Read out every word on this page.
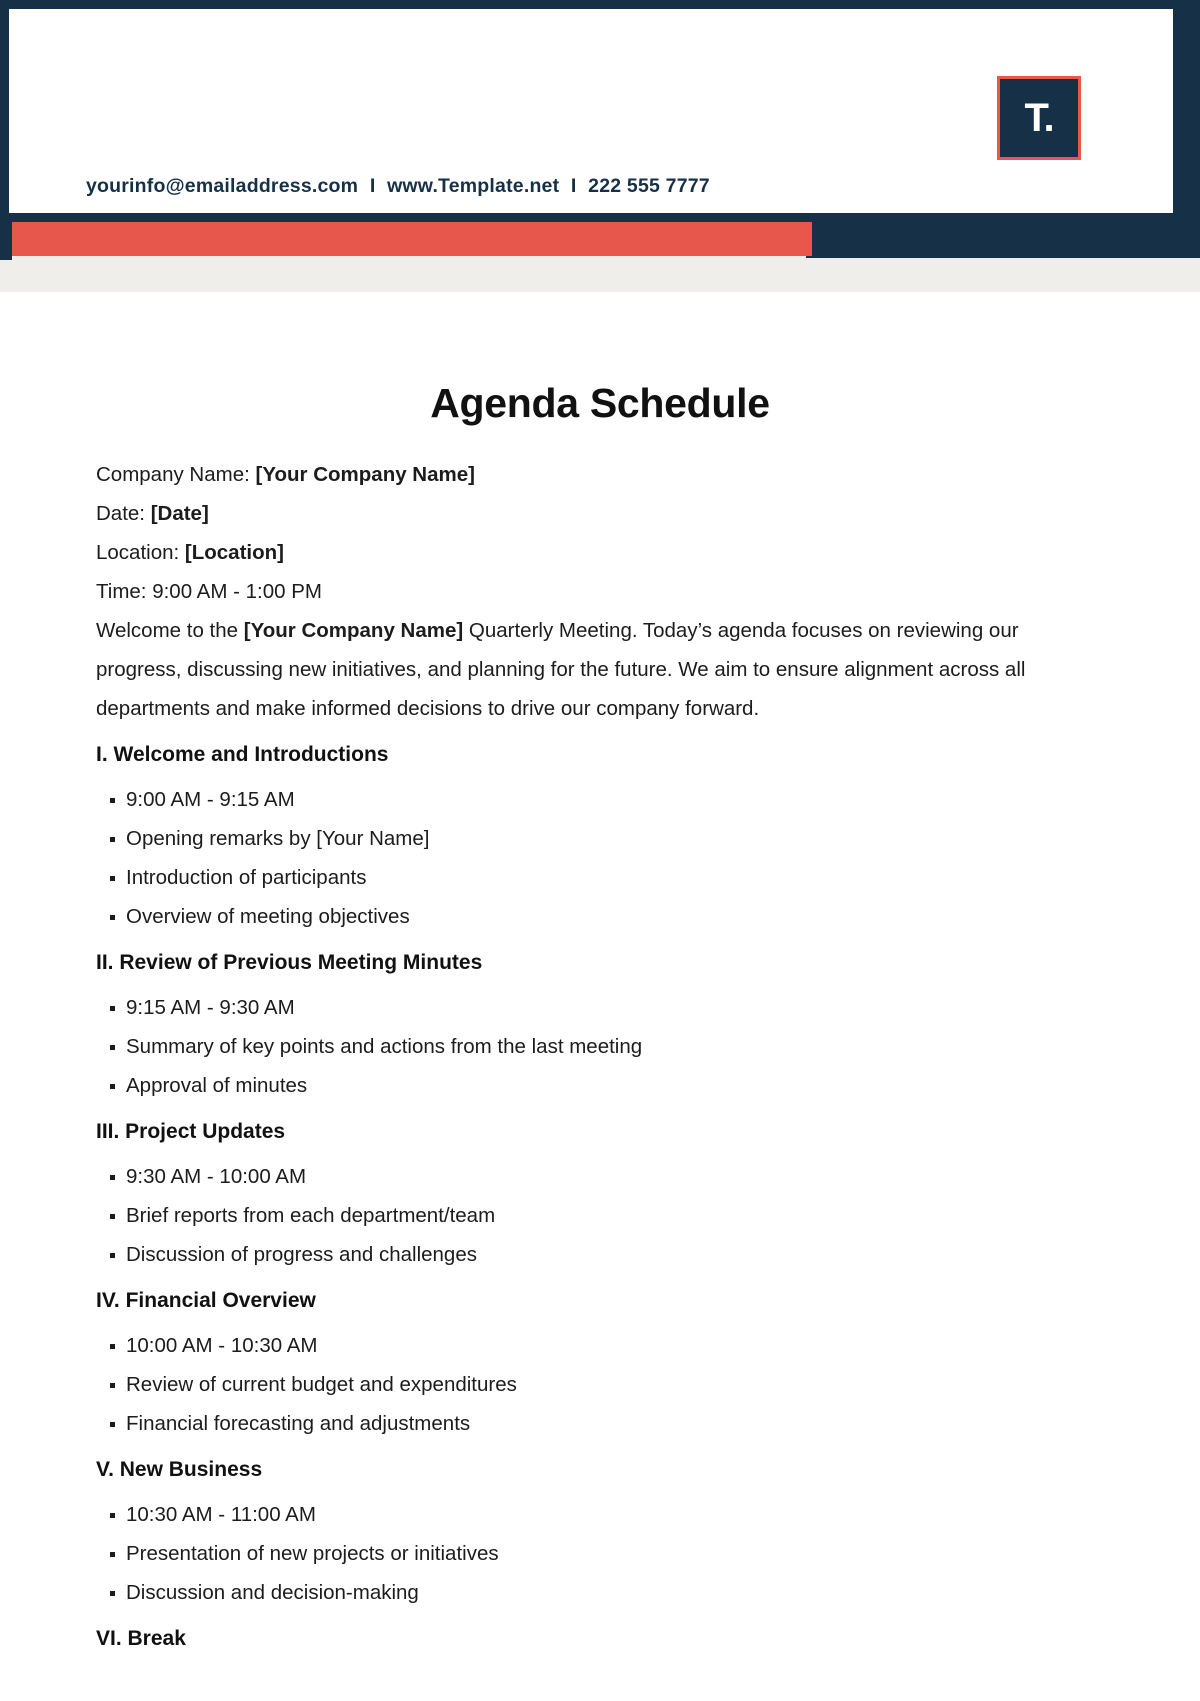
yourinfo@emailaddress.com I www.Template.net I 222 555 7777
T.
Agenda Schedule
Company Name: [Your Company Name]
Date: [Date]
Location: [Location]
Time: 9:00 AM - 1:00 PM

Welcome to the [Your Company Name] Quarterly Meeting. Today’s agenda focuses on reviewing our progress, discussing new initiatives, and planning for the future. We aim to ensure alignment across all departments and make informed decisions to drive our company forward.

I. Welcome and Introductions
9:00 AM - 9:15 AM
Opening remarks by [Your Name]
Introduction of participants
Overview of meeting objectives
II. Review of Previous Meeting Minutes
9:15 AM - 9:30 AM
Summary of key points and actions from the last meeting
Approval of minutes
III. Project Updates
9:30 AM - 10:00 AM
Brief reports from each department/team
Discussion of progress and challenges
IV. Financial Overview
10:00 AM - 10:30 AM
Review of current budget and expenditures
Financial forecasting and adjustments
V. New Business
10:30 AM - 11:00 AM
Presentation of new projects or initiatives
Discussion and decision-making
VI. Break
